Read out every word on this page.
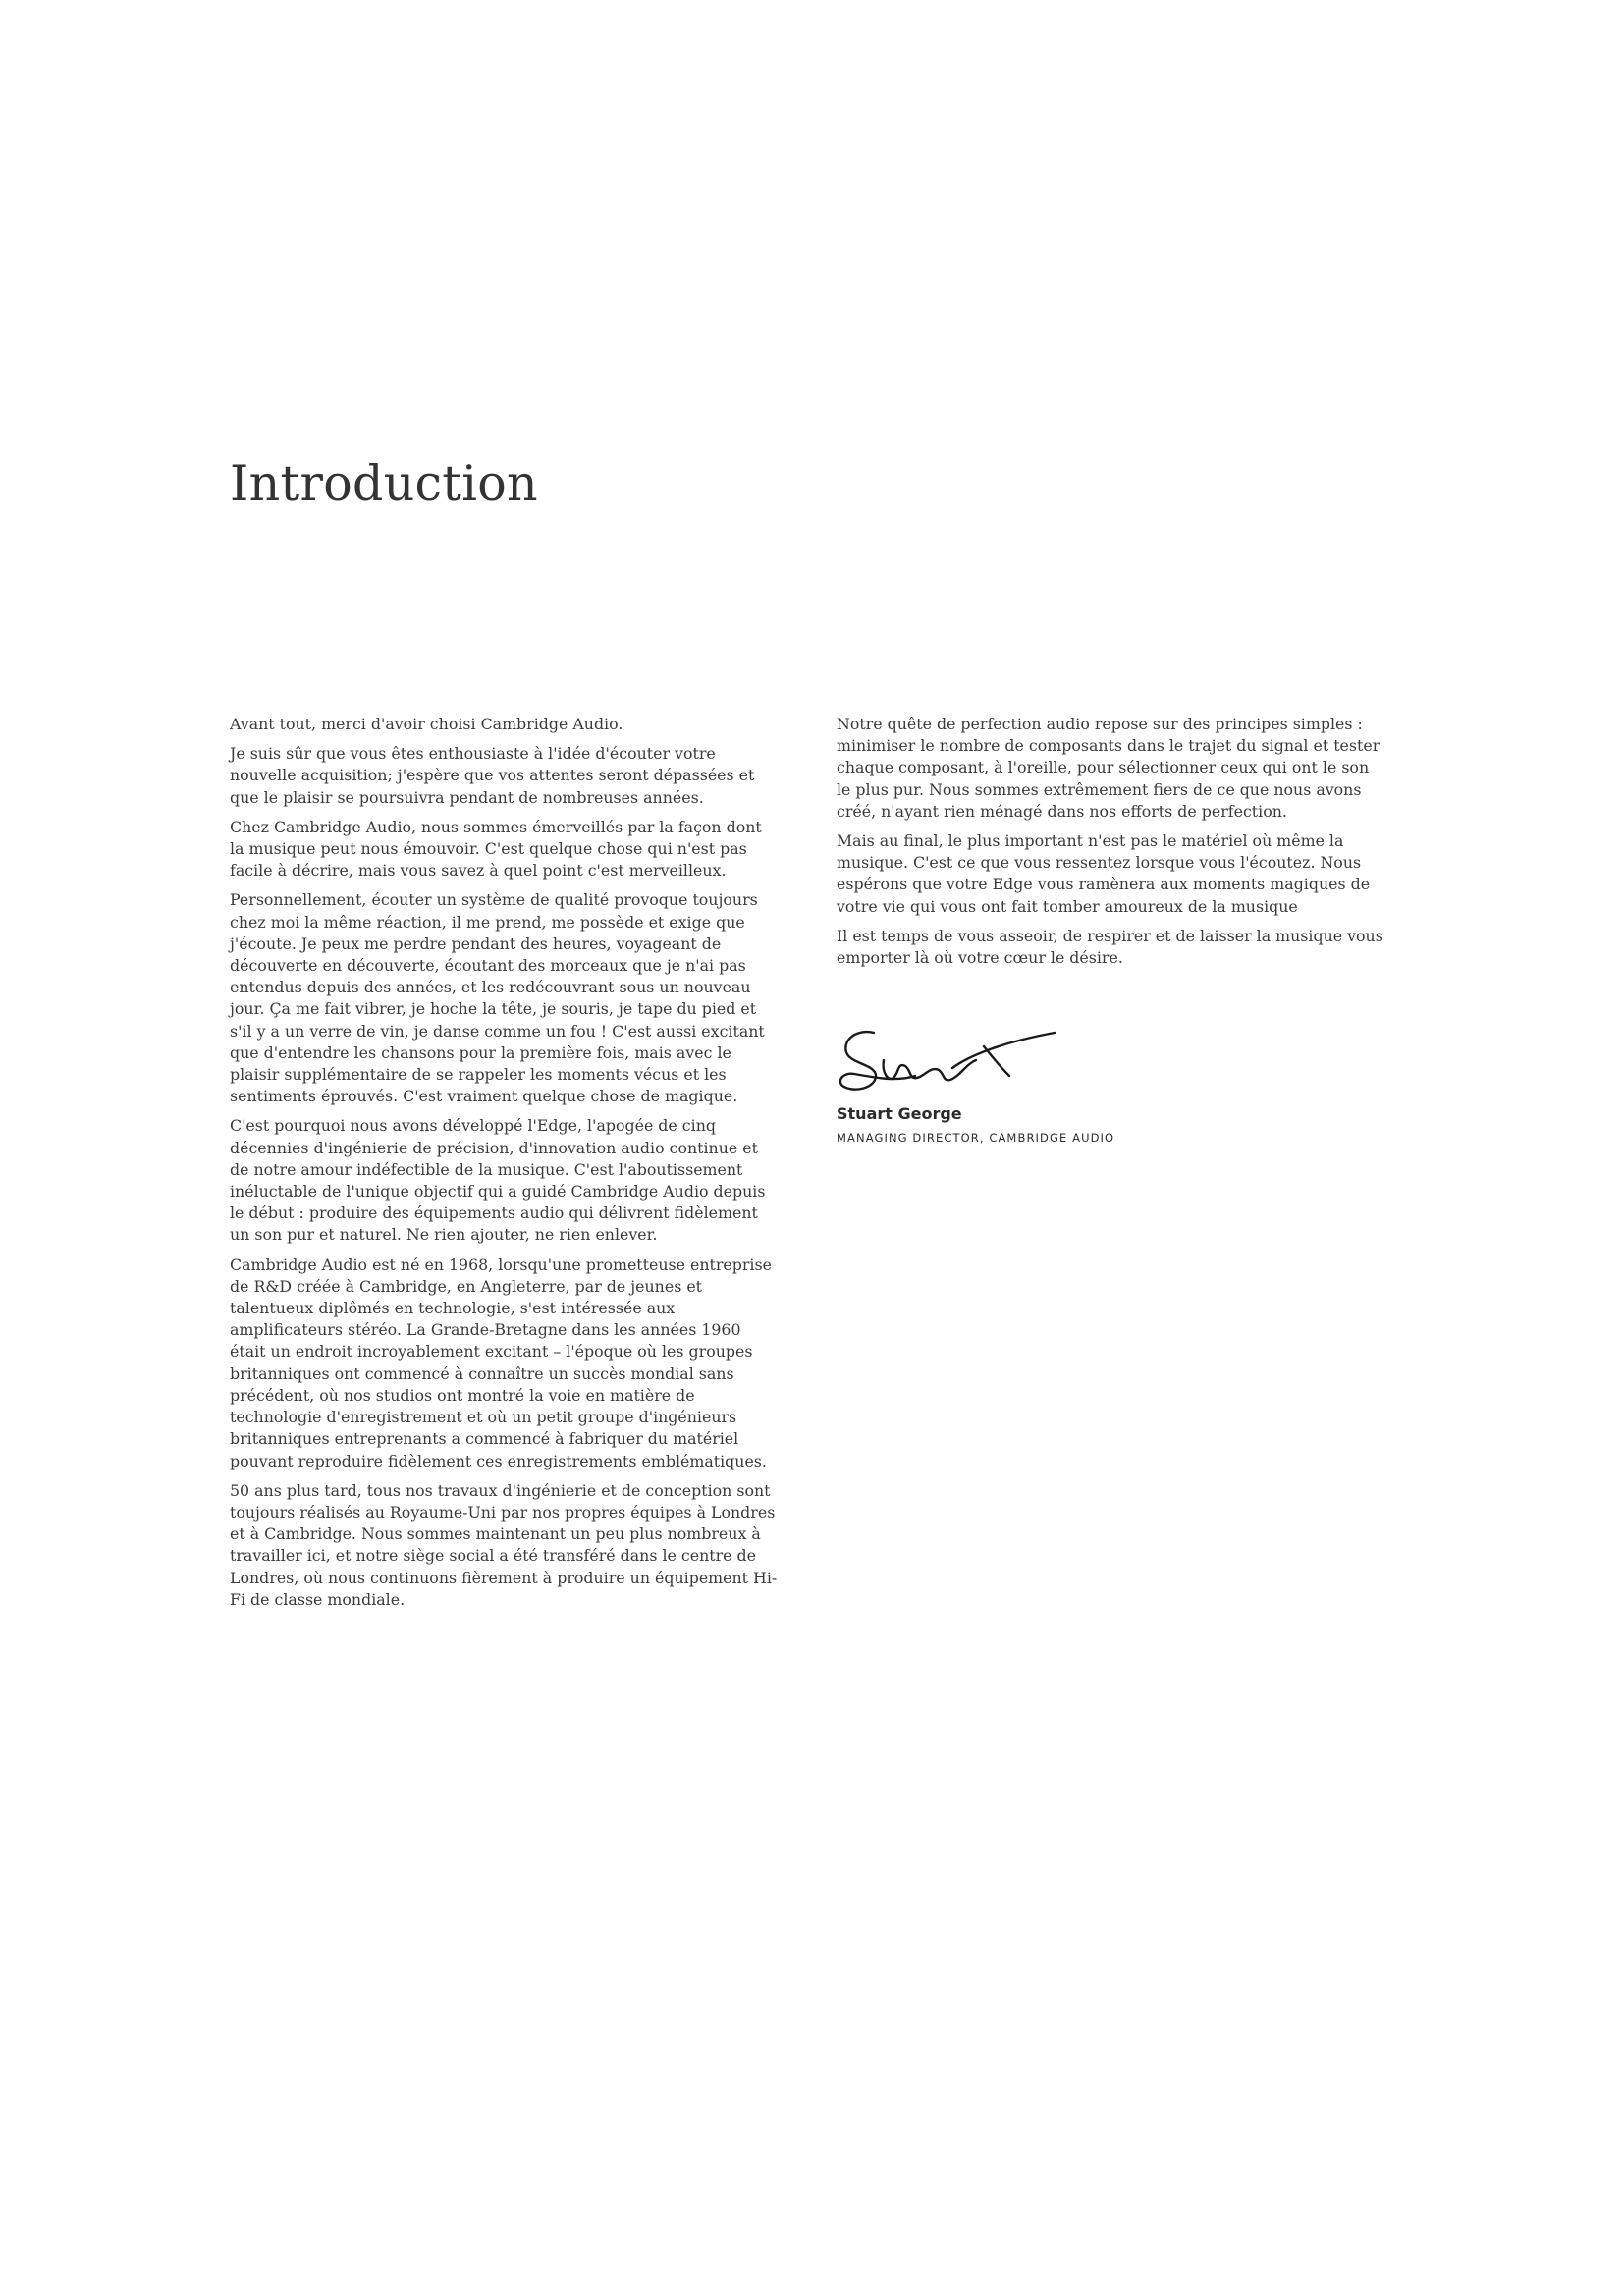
Introduction

Avant tout, merci d'avoir choisi Cambridge Audio.

Je suis sûr que vous êtes enthousiaste à l'idée d'écouter votre nouvelle acquisition; j'espère que vos attentes seront dépassées et que le plaisir se poursuivra pendant de nombreuses années.

Chez Cambridge Audio, nous sommes émerveillés par la façon dont la musique peut nous émouvoir. C'est quelque chose qui n'est pas facile à décrire, mais vous savez à quel point c'est merveilleux.

Personnellement, écouter un système de qualité provoque toujours chez moi la même réaction, il me prend, me possède et exige que j'écoute. Je peux me perdre pendant des heures, voyageant de découverte en découverte, écoutant des morceaux que je n'ai pas entendus depuis des années, et les redécouvrant sous un nouveau jour. Ça me fait vibrer, je hoche la tête, je souris, je tape du pied et s'il y a un verre de vin, je danse comme un fou ! C'est aussi excitant que d'entendre les chansons pour la première fois, mais avec le plaisir supplémentaire de se rappeler les moments vécus et les sentiments éprouvés. C'est vraiment quelque chose de magique.

C'est pourquoi nous avons développé l'Edge, l'apogée de cinq décennies d'ingénierie de précision, d'innovation audio continue et de notre amour indéfectible de la musique. C'est l'aboutissement inéluctable de l'unique objectif qui a guidé Cambridge Audio depuis le début : produire des équipements audio qui délivrent fidèlement un son pur et naturel. Ne rien ajouter, ne rien enlever.

Cambridge Audio est né en 1968, lorsqu'une prometteuse entreprise de R&D créée à Cambridge, en Angleterre, par de jeunes et talentueux diplômés en technologie, s'est intéressée aux amplificateurs stéréo. La Grande-Bretagne dans les années 1960 était un endroit incroyablement excitant – l'époque où les groupes britanniques ont commencé à connaître un succès mondial sans précédent, où nos studios ont montré la voie en matière de technologie d'enregistrement et où un petit groupe d'ingénieurs britanniques entreprenants a commencé à fabriquer du matériel pouvant reproduire fidèlement ces enregistrements emblématiques.

50 ans plus tard, tous nos travaux d'ingénierie et de conception sont toujours réalisés au Royaume-Uni par nos propres équipes à Londres et à Cambridge. Nous sommes maintenant un peu plus nombreux à travailler ici, et notre siège social a été transféré dans le centre de Londres, où nous continuons fièrement à produire un équipement Hi-Fi de classe mondiale.

Notre quête de perfection audio repose sur des principes simples : minimiser le nombre de composants dans le trajet du signal et tester chaque composant, à l'oreille, pour sélectionner ceux qui ont le son le plus pur. Nous sommes extrêmement fiers de ce que nous avons créé, n'ayant rien ménagé dans nos efforts de perfection.

Mais au final, le plus important n'est pas le matériel où même la musique. C'est ce que vous ressentez lorsque vous l'écoutez. Nous espérons que votre Edge vous ramènera aux moments magiques de votre vie qui vous ont fait tomber amoureux de la musique

Il est temps de vous asseoir, de respirer et de laisser la musique vous emporter là où votre cœur le désire.

Stuart George
MANAGING DIRECTOR, CAMBRIDGE AUDIO
